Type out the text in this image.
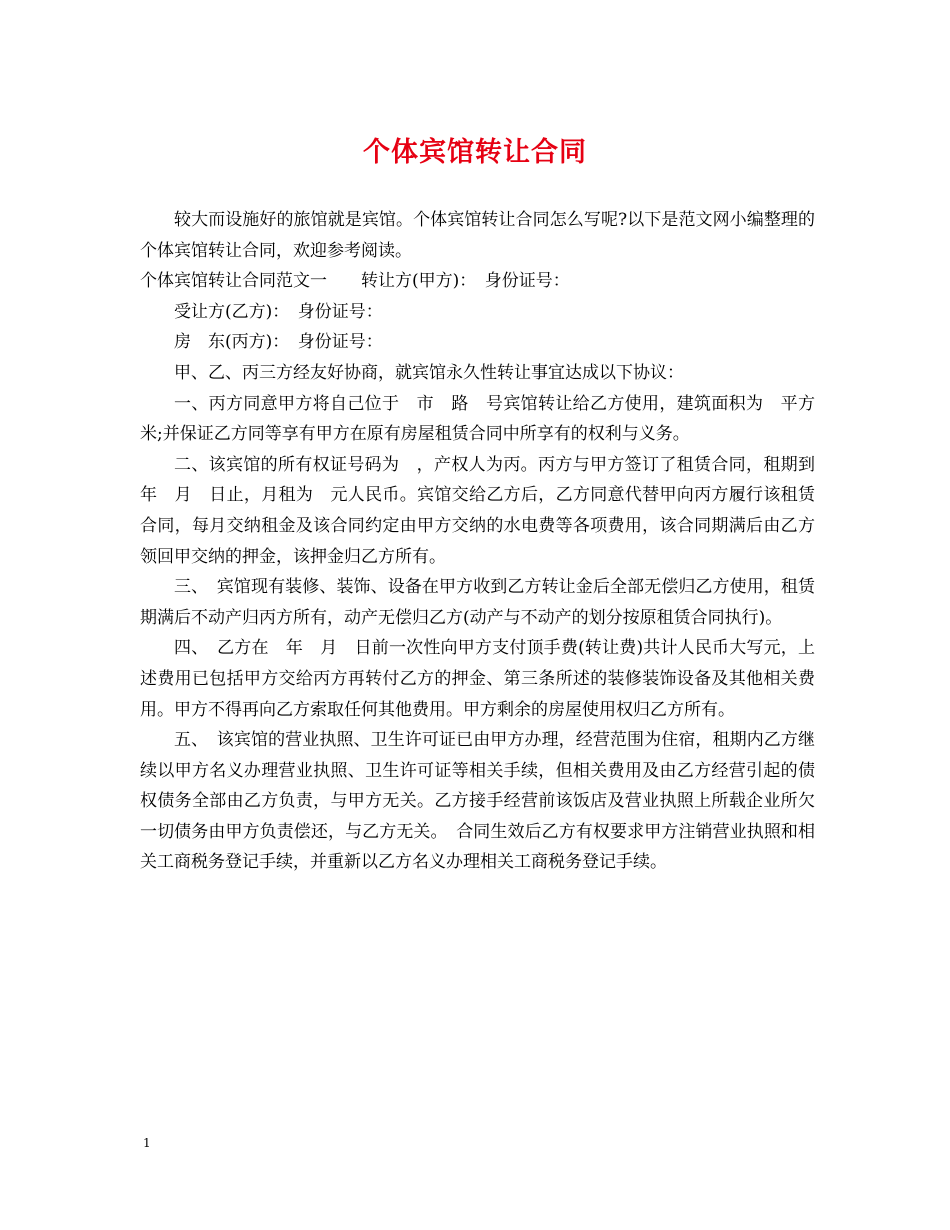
个体宾馆转让合同

较大而设施好的旅馆就是宾馆。个体宾馆转让合同怎么写呢?以下是范文网小编整理的个体宾馆转让合同，欢迎参考阅读。

个体宾馆转让合同范文一　　转让方(甲方)：　身份证号：

受让方(乙方)：　身份证号：

房　东(丙方)：　身份证号：

甲、乙、丙三方经友好协商，就宾馆永久性转让事宜达成以下协议：

一、丙方同意甲方将自己位于　市　路　号宾馆转让给乙方使用，建筑面积为　平方米;并保证乙方同等享有甲方在原有房屋租赁合同中所享有的权利与义务。

二、该宾馆的所有权证号码为　，产权人为丙。丙方与甲方签订了租赁合同，租期到　年　月　日止，月租为　元人民币。宾馆交给乙方后，乙方同意代替甲向丙方履行该租赁合同，每月交纳租金及该合同约定由甲方交纳的水电费等各项费用，该合同期满后由乙方领回甲交纳的押金，该押金归乙方所有。

三、　宾馆现有装修、装饰、设备在甲方收到乙方转让金后全部无偿归乙方使用，租赁期满后不动产归丙方所有，动产无偿归乙方(动产与不动产的划分按原租赁合同执行)。

四、　乙方在　年　月　日前一次性向甲方支付顶手费(转让费)共计人民币大写元，上述费用已包括甲方交给丙方再转付乙方的押金、第三条所述的装修装饰设备及其他相关费用。甲方不得再向乙方索取任何其他费用。甲方剩余的房屋使用权归乙方所有。

五、　该宾馆的营业执照、卫生许可证已由甲方办理，经营范围为住宿，租期内乙方继续以甲方名义办理营业执照、卫生许可证等相关手续，但相关费用及由乙方经营引起的债权债务全部由乙方负责，与甲方无关。乙方接手经营前该饭店及营业执照上所载企业所欠一切债务由甲方负责偿还，与乙方无关。　合同生效后乙方有权要求甲方注销营业执照和相关工商税务登记手续，并重新以乙方名义办理相关工商税务登记手续。

1
